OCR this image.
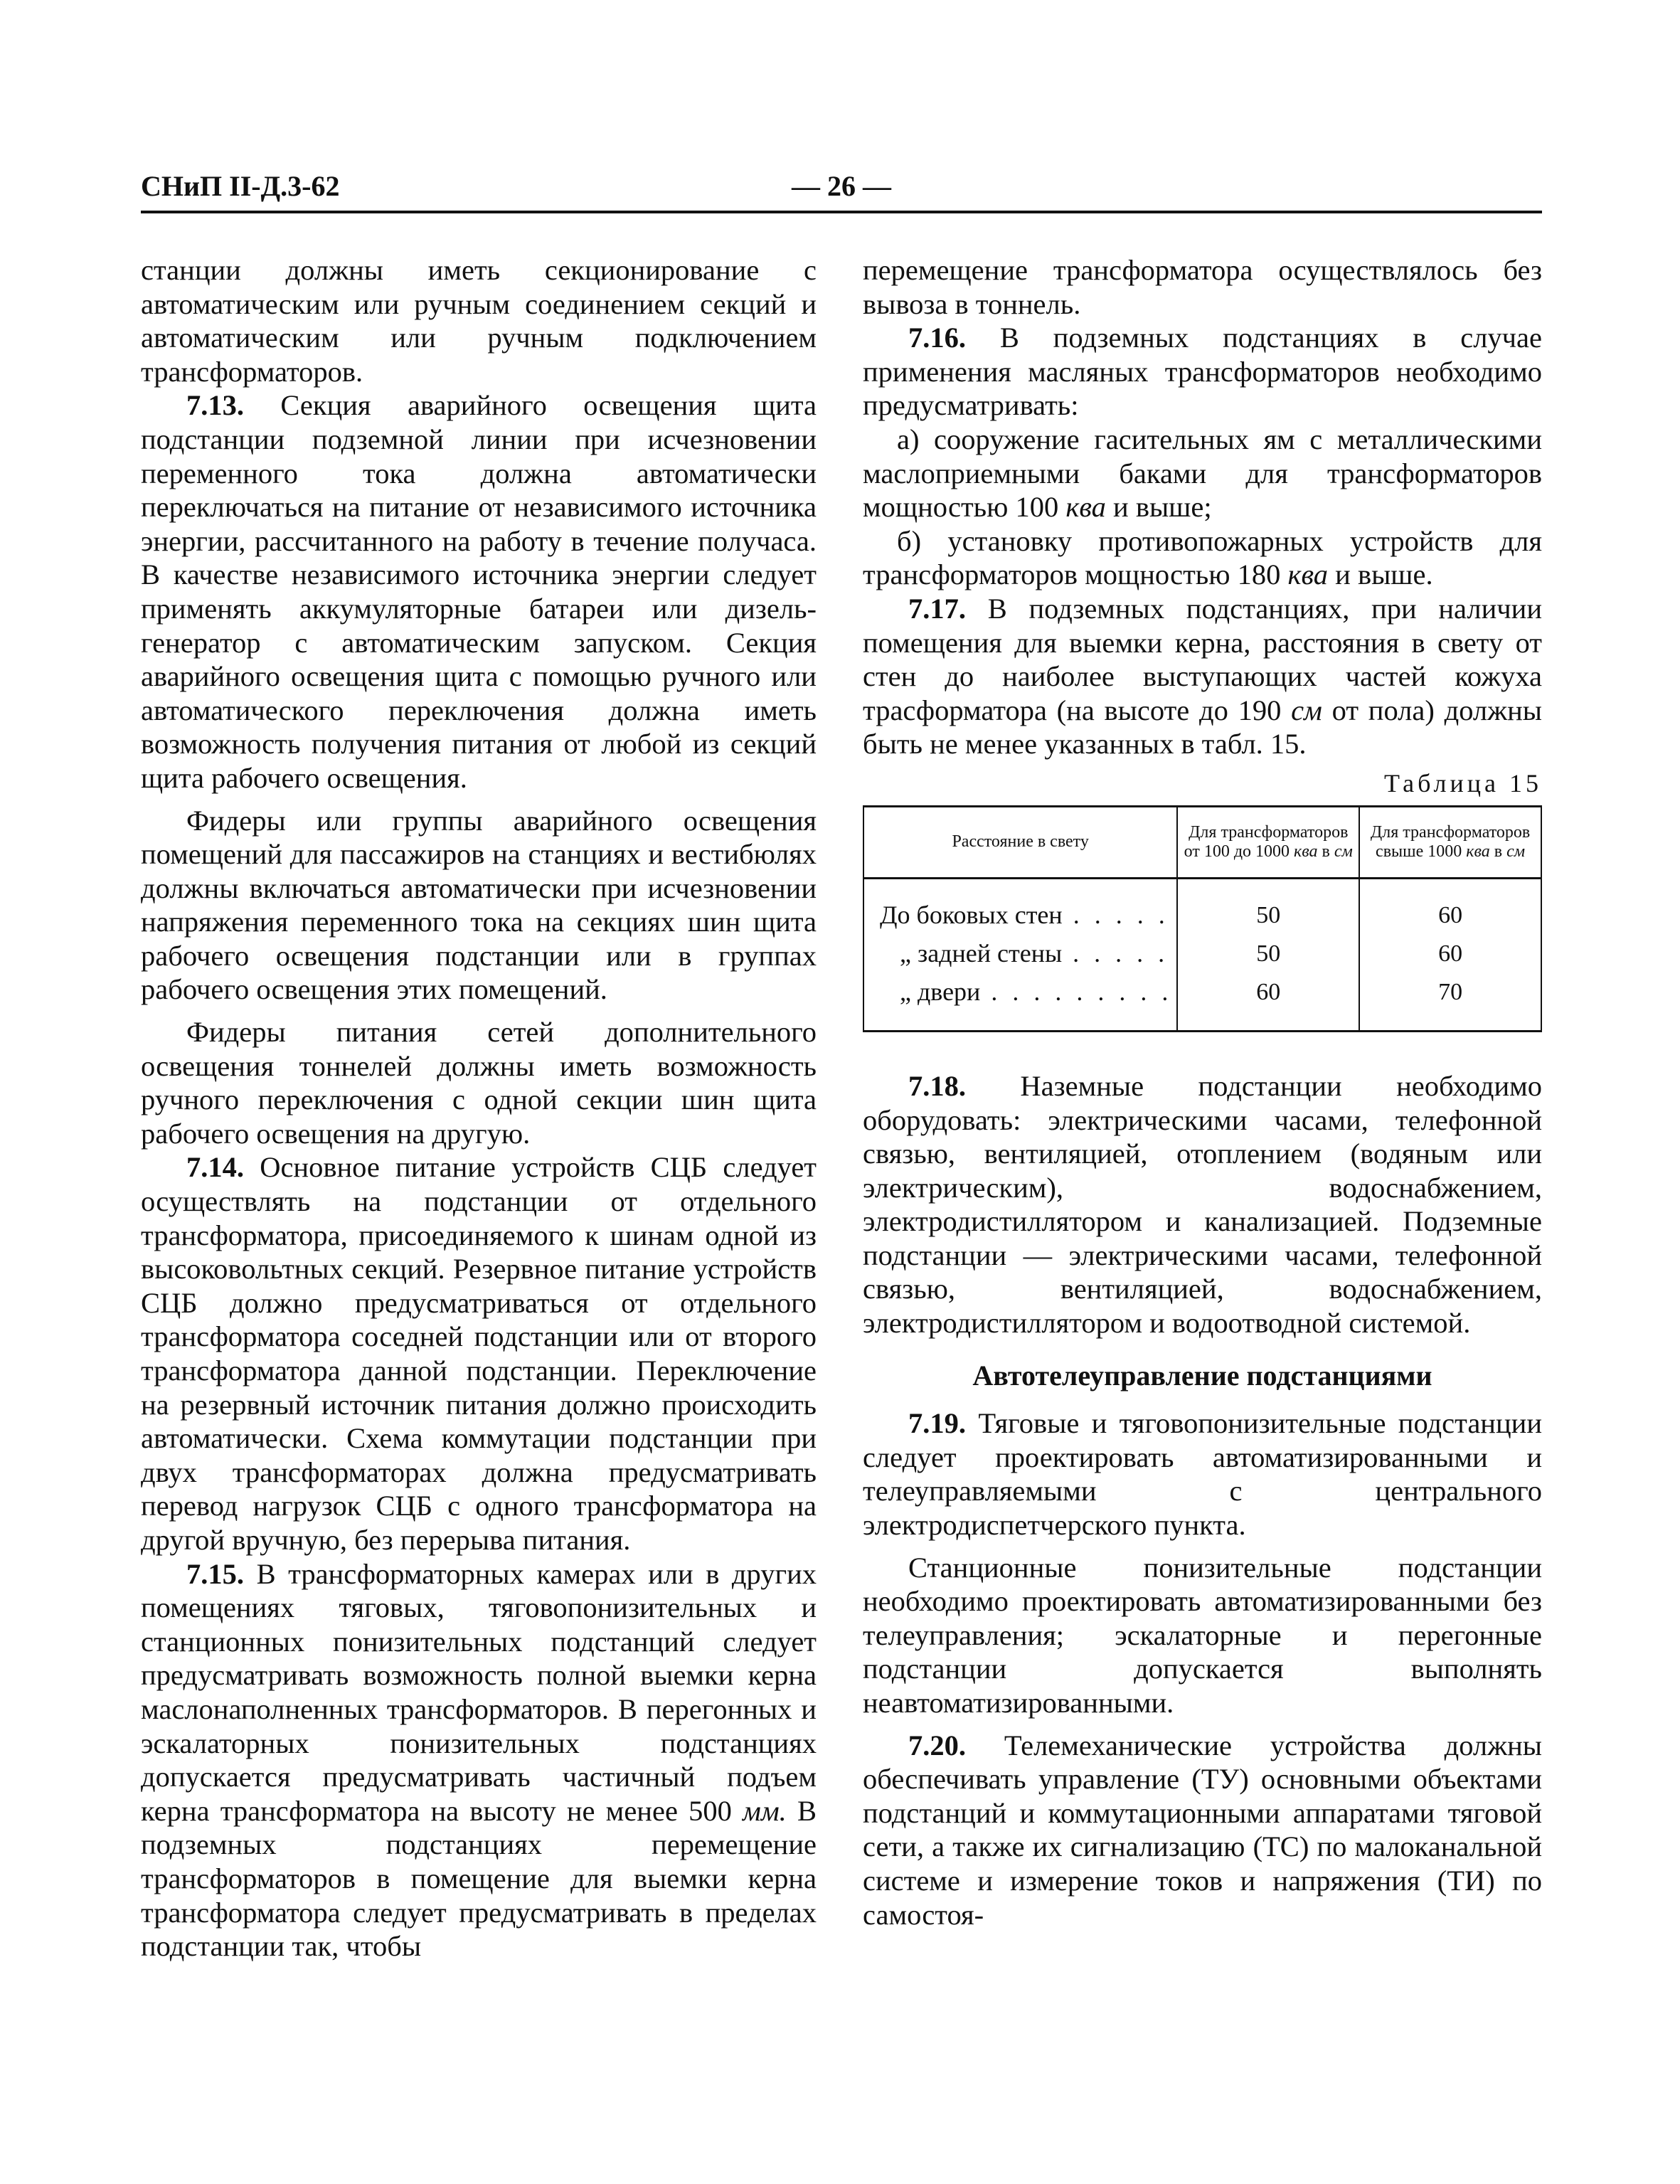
СНиП II-Д.3-62	— 26 —

станции должны иметь секционирование с автоматическим или ручным соединением секций и автоматическим или ручным подключением трансформаторов.

7.13. Секция аварийного освещения щита подстанции подземной линии при исчезновении переменного тока должна автоматически переключаться на питание от независимого источника энергии, рассчитанного на работу в течение получаса. В качестве независимого источника энергии следует применять аккумуляторные батареи или дизель-генератор с автоматическим запуском. Секция аварийного освещения щита с помощью ручного или автоматического переключения должна иметь возможность получения питания от любой из секций щита рабочего освещения.

Фидеры или группы аварийного освещения помещений для пассажиров на станциях и вестибюлях должны включаться автоматически при исчезновении напряжения переменного тока на секциях шин щита рабочего освещения подстанции или в группах рабочего освещения этих помещений.

Фидеры питания сетей дополнительного освещения тоннелей должны иметь возможность ручного переключения с одной секции шин щита рабочего освещения на другую.

7.14. Основное питание устройств СЦБ следует осуществлять на подстанции от отдельного трансформатора, присоединяемого к шинам одной из высоковольтных секций. Резервное питание устройств СЦБ должно предусматриваться от отдельного трансформатора соседней подстанции или от второго трансформатора данной подстанции. Переключение на резервный источник питания должно происходить автоматически. Схема коммутации подстанции при двух трансформаторах должна предусматривать перевод нагрузок СЦБ с одного трансформатора на другой вручную, без перерыва питания.

7.15. В трансформаторных камерах или в других помещениях тяговых, тяговопонизительных и станционных понизительных подстанций следует предусматривать возможность полной выемки керна маслонаполненных трансформаторов. В перегонных и эскалаторных понизительных подстанциях допускается предусматривать частичный подъем керна трансформатора на высоту не менее 500 мм. В подземных подстанциях перемещение трансформаторов в помещение для выемки керна трансформатора следует предусматривать в пределах подстанции так, чтобы

перемещение трансформатора осуществлялось без вывоза в тоннель.

7.16. В подземных подстанциях в случае применения масляных трансформаторов необходимо предусматривать:

а) сооружение гасительных ям с металлическими маслоприемными баками для трансформаторов мощностью 100 ква и выше;

б) установку противопожарных устройств для трансформаторов мощностью 180 ква и выше.

7.17. В подземных подстанциях, при наличии помещения для выемки керна, расстояния в свету от стен до наиболее выступающих частей кожуха трасформатора (на высоте до 190 см от пола) должны быть не менее указанных в табл. 15.

Таблица 15
Расстояние в свету	Для трансформаторов от 100 до 1000 ква в см	Для трансформаторов свыше 1000 ква в см
До боковых стен . . . . .	50	60
„ задней стены . . . . .	50	60
„ двери . . . . . . . . .	60	70

7.18. Наземные подстанции необходимо оборудовать: электрическими часами, телефонной связью, вентиляцией, отоплением (водяным или электрическим), водоснабжением, электродистиллятором и канализацией. Подземные подстанции — электрическими часами, телефонной связью, вентиляцией, водоснабжением, электродистиллятором и водоотводной системой.

Автотелеуправление подстанциями

7.19. Тяговые и тяговопонизительные подстанции следует проектировать автоматизированными и телеуправляемыми с центрального электродиспетчерского пункта.

Станционные понизительные подстанции необходимо проектировать автоматизированными без телеуправления; эскалаторные и перегонные подстанции допускается выполнять неавтоматизированными.

7.20. Телемеханические устройства должны обеспечивать управление (ТУ) основными объектами подстанций и коммутационными аппаратами тяговой сети, а также их сигнализацию (ТС) по малоканальной системе и измерение токов и напряжения (ТИ) по самостоя-
